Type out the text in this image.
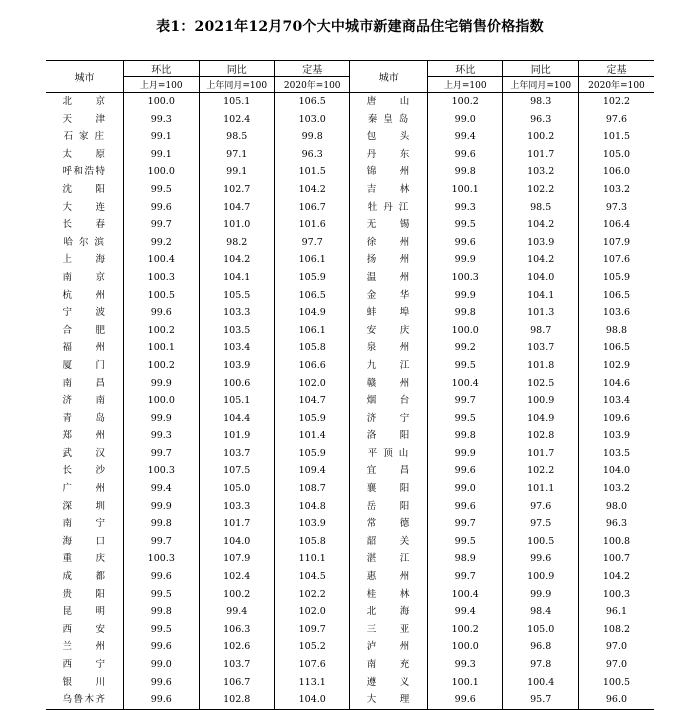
表1：2021年12月70个大中城市新建商品住宅销售价格指数
城市	环比	同比	定基	城市	环比	同比	定基
	上月=100	上年同月=100	2020年=100		上月=100	上年同月=100	2020年=100
北　　京	100.0	105.1	106.5	唐　　山	100.2	98.3	102.2
天　　津	99.3	102.4	103.0	秦 皇 岛	99.0	96.3	97.6
石 家 庄	99.1	98.5	99.8	包　　头	99.4	100.2	101.5
太　　原	99.1	97.1	96.3	丹　　东	99.6	101.7	105.0
呼和浩特	100.0	99.1	101.5	锦　　州	99.8	103.2	106.0
沈　　阳	99.5	102.7	104.2	吉　　林	100.1	102.2	103.2
大　　连	99.6	104.7	106.7	牡 丹 江	99.3	98.5	97.3
长　　春	99.7	101.0	101.6	无　　锡	99.5	104.2	106.4
哈 尔 滨	99.2	98.2	97.7	徐　　州	99.6	103.9	107.9
上　　海	100.4	104.2	106.1	扬　　州	99.9	104.2	107.6
南　　京	100.3	104.1	105.9	温　　州	100.3	104.0	105.9
杭　　州	100.5	105.5	106.5	金　　华	99.9	104.1	106.5
宁　　波	99.6	103.3	104.9	蚌　　埠	99.8	101.3	103.6
合　　肥	100.2	103.5	106.1	安　　庆	100.0	98.7	98.8
福　　州	100.1	103.4	105.8	泉　　州	99.2	103.7	106.5
厦　　门	100.2	103.9	106.6	九　　江	99.5	101.8	102.9
南　　昌	99.9	100.6	102.0	赣　　州	100.4	102.5	104.6
济　　南	100.0	105.1	104.7	烟　　台	99.7	100.9	103.4
青　　岛	99.9	104.4	105.9	济　　宁	99.5	104.9	109.6
郑　　州	99.3	101.9	101.4	洛　　阳	99.8	102.8	103.9
武　　汉	99.7	103.7	105.9	平 顶 山	99.9	101.7	103.5
长　　沙	100.3	107.5	109.4	宜　　昌	99.6	102.2	104.0
广　　州	99.4	105.0	108.7	襄　　阳	99.0	101.1	103.2
深　　圳	99.9	103.3	104.8	岳　　阳	99.6	97.6	98.0
南　　宁	99.8	101.7	103.9	常　　德	99.7	97.5	96.3
海　　口	99.7	104.0	105.8	韶　　关	99.5	100.5	100.8
重　　庆	100.3	107.9	110.1	湛　　江	98.9	99.6	100.7
成　　都	99.6	102.4	104.5	惠　　州	99.7	100.9	104.2
贵　　阳	99.5	100.2	102.2	桂　　林	100.4	99.9	100.3
昆　　明	99.8	99.4	102.0	北　　海	99.4	98.4	96.1
西　　安	99.5	106.3	109.7	三　　亚	100.2	105.0	108.2
兰　　州	99.6	102.6	105.2	泸　　州	100.0	96.8	97.0
西　　宁	99.0	103.7	107.6	南　　充	99.3	97.8	97.0
银　　川	99.6	106.7	113.1	遵　　义	100.1	100.4	100.5
乌鲁木齐	99.6	102.8	104.0	大　　理	99.6	95.7	96.0
